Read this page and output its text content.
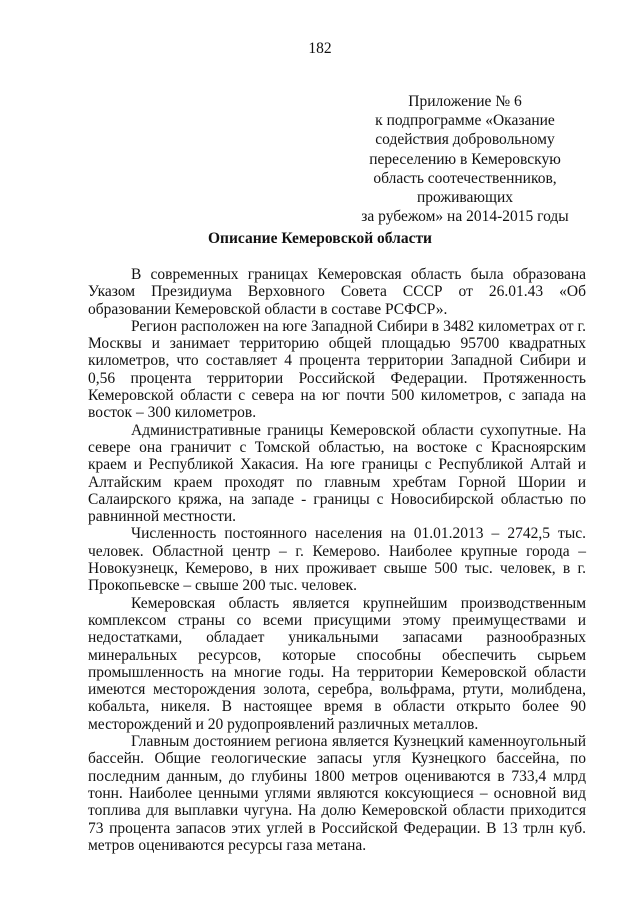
182
Приложение № 6
к подпрограмме «Оказание
содействия добровольному
переселению в Кемеровскую
область соотечественников,
проживающих
за рубежом» на 2014-2015 годы
Описание Кемеровской области

В современных границах Кемеровская область была образована Указом Президиума Верховного Совета СССР от 26.01.43 «Об образовании Кемеровской области в составе РСФСР».

Регион расположен на юге Западной Сибири в 3482 километрах от г. Москвы и занимает территорию общей площадью 95700 квадратных километров, что составляет 4 процента территории Западной Сибири и 0,56 процента территории Российской Федерации. Протяженность Кемеровской области с севера на юг почти 500 километров, с запада на восток – 300 километров.

Административные границы Кемеровской области сухопутные. На севере она граничит с Томской областью, на востоке с Красноярским краем и Республикой Хакасия. На юге границы с Республикой Алтай и Алтайским краем проходят по главным хребтам Горной Шории и Салаирского кряжа, на западе - границы с Новосибирской областью по равнинной местности.

Численность постоянного населения на 01.01.2013 – 2742,5 тыс. человек. Областной центр – г. Кемерово. Наиболее крупные города – Новокузнецк, Кемерово, в них проживает свыше 500 тыс. человек, в г. Прокопьевске – свыше 200 тыс. человек.

Кемеровская область является крупнейшим производственным комплексом страны со всеми присущими этому преимуществами и недостатками, обладает уникальными запасами разнообразных минеральных ресурсов, которые способны обеспечить сырьем промышленность на многие годы. На территории Кемеровской области имеются месторождения золота, серебра, вольфрама, ртути, молибдена, кобальта, никеля. В настоящее время в области открыто более 90 месторождений и 20 рудопроявлений различных металлов.

Главным достоянием региона является Кузнецкий каменноугольный бассейн. Общие геологические запасы угля Кузнецкого бассейна, по последним данным, до глубины 1800 метров оцениваются в 733,4 млрд тонн. Наиболее ценными углями являются коксующиеся – основной вид топлива для выплавки чугуна. На долю Кемеровской области приходится 73 процента запасов этих углей в Российской Федерации. В 13 трлн куб. метров оцениваются ресурсы газа метана.
